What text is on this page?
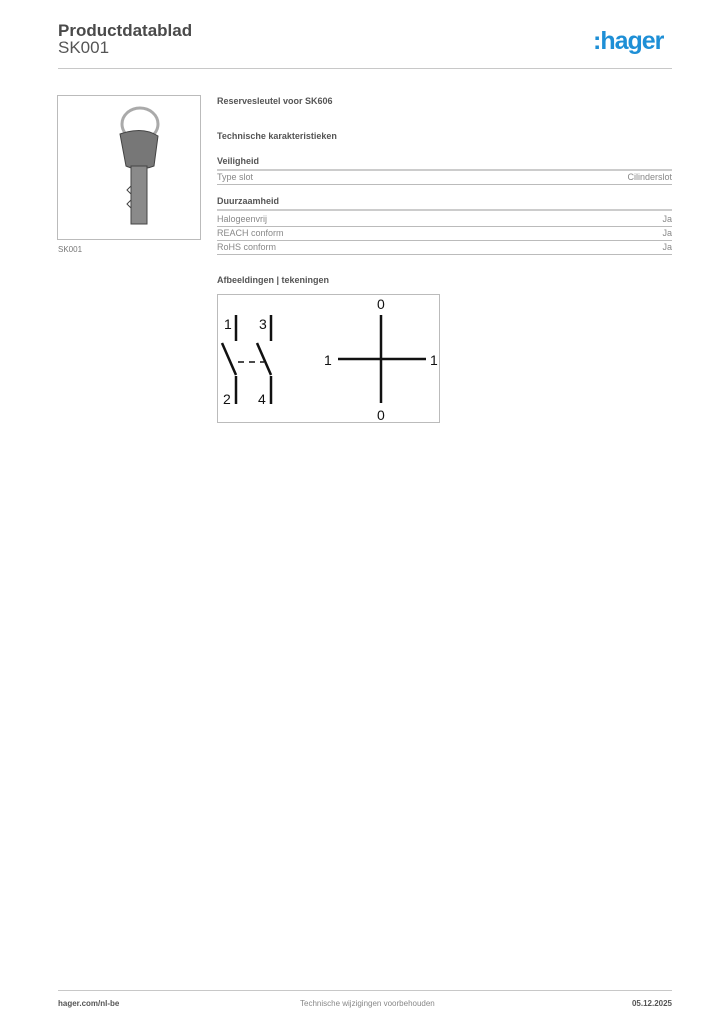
Productdatablad
SK001	:hager
SK001
Reservesleutel voor SK606
Technische karakteristieken
Veiligheid
Type slot	Cilinderslot
Duurzaamheid
Halogeenvrij	Ja
REACH conform	Ja
RoHS conform	Ja
Afbeeldingen | tekeningen
1 3
2 4
0
0
1	1
hager.com/nl-be	Technische wijzigingen voorbehouden	05.12.2025
